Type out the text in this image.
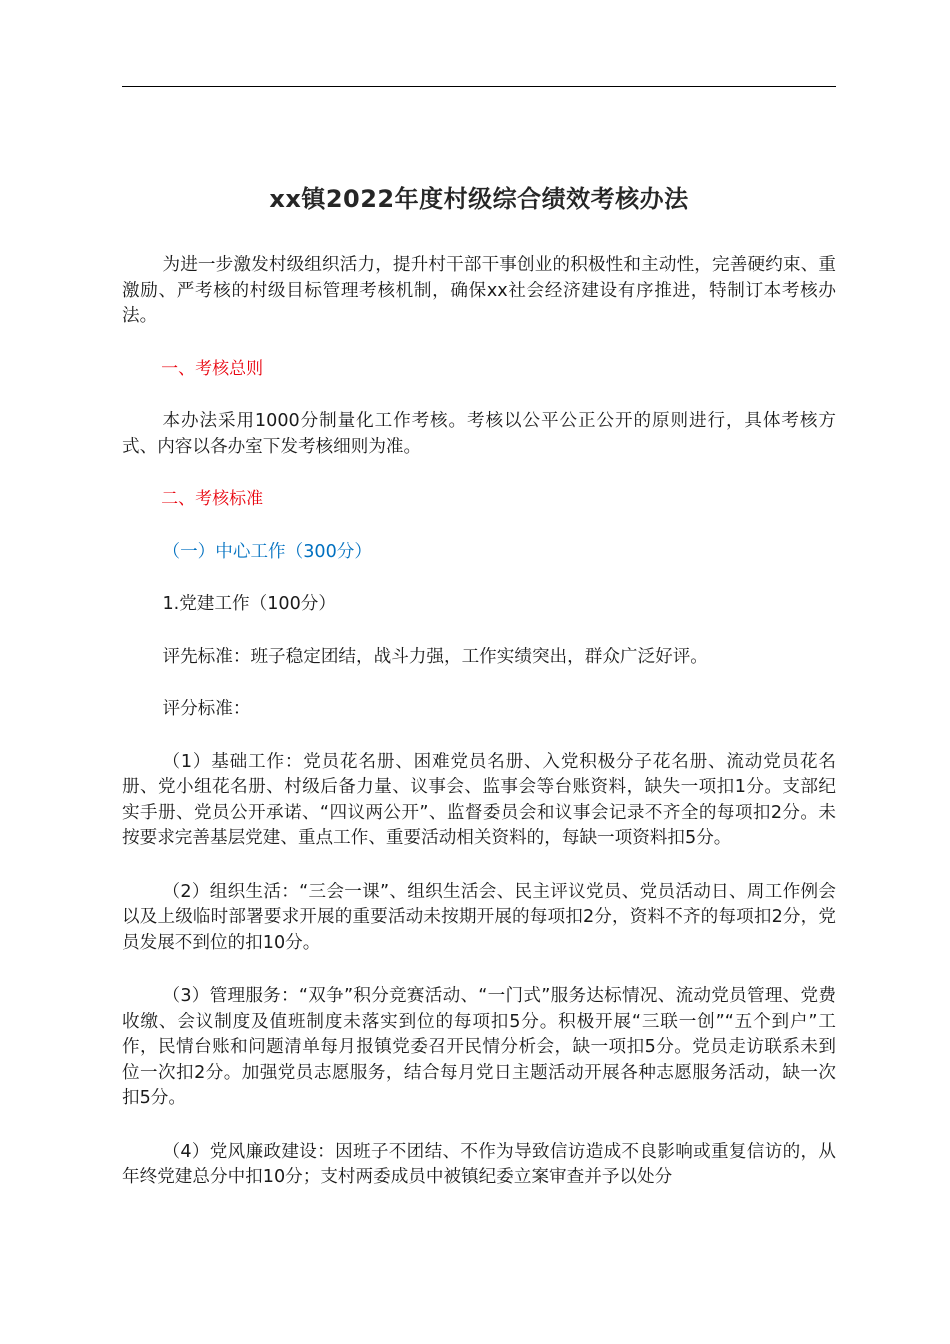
xx镇2022年度村级综合绩效考核办法

为进一步激发村级组织活力，提升村干部干事创业的积极性和主动性，完善硬约束、重激励、严考核的村级目标管理考核机制，确保xx社会经济建设有序推进，特制订本考核办法。

一、考核总则

本办法采用1000分制量化工作考核。考核以公平公正公开的原则进行，具体考核方式、内容以各办室下发考核细则为准。

二、考核标准

（一）中心工作（300分）

1.党建工作（100分）

评先标准：班子稳定团结，战斗力强，工作实绩突出，群众广泛好评。

评分标准：

（1）基础工作：党员花名册、困难党员名册、入党积极分子花名册、流动党员花名册、党小组花名册、村级后备力量、议事会、监事会等台账资料，缺失一项扣1分。支部纪实手册、党员公开承诺、“四议两公开”、监督委员会和议事会记录不齐全的每项扣2分。未按要求完善基层党建、重点工作、重要活动相关资料的，每缺一项资料扣5分。

（2）组织生活：“三会一课”、组织生活会、民主评议党员、党员活动日、周工作例会以及上级临时部署要求开展的重要活动未按期开展的每项扣2分，资料不齐的每项扣2分，党员发展不到位的扣10分。

（3）管理服务：“双争”积分竞赛活动、“一门式”服务达标情况、流动党员管理、党费收缴、会议制度及值班制度未落实到位的每项扣5分。积极开展“三联一创”“五个到户”工作，民情台账和问题清单每月报镇党委召开民情分析会，缺一项扣5分。党员走访联系未到位一次扣2分。加强党员志愿服务，结合每月党日主题活动开展各种志愿服务活动，缺一次扣5分。

（4）党风廉政建设：因班子不团结、不作为导致信访造成不良影响或重复信访的，从年终党建总分中扣10分；支村两委成员中被镇纪委立案审查并予以处分
